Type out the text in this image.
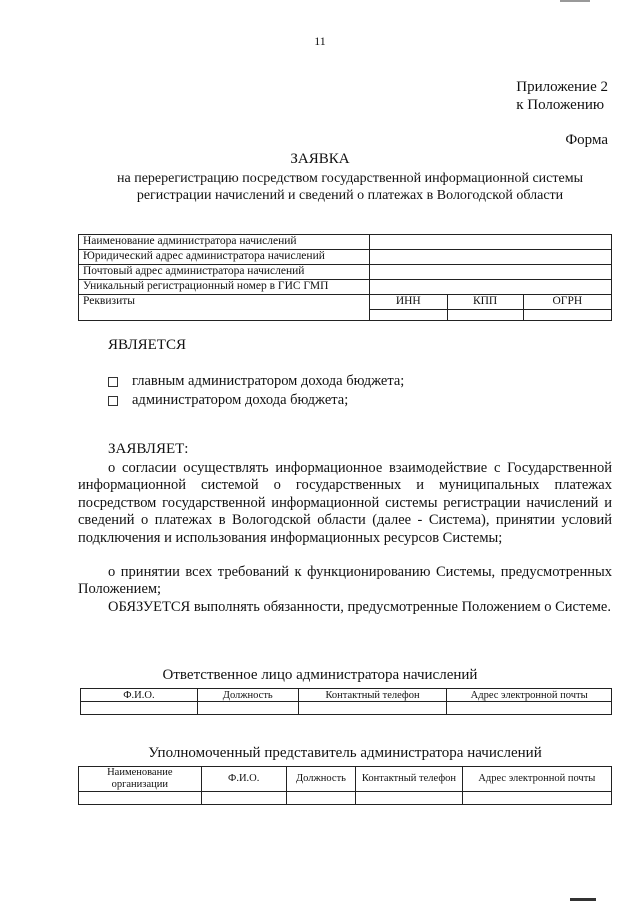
11
Приложение 2
к Положению
Форма
ЗАЯВКА
на перерегистрацию посредством государственной информационной системы
регистрации начислений и сведений о платежах в Вологодской области
Наименование администратора начислений			
Юридический адрес администратора начислений			
Почтовый адрес администратора начислений			
Уникальный регистрационный номер в ГИС ГМП			
Реквизиты	ИНН	КПП	ОГРН

ЯВЛЯЕТСЯ
главным администратором дохода бюджета;
администратором дохода бюджета;
ЗАЯВЛЯЕТ:
о согласии осуществлять информационное взаимодействие с Государственной информационной системой о государственных и муниципальных платежах посредством государственной информационной системы регистрации начислений и сведений о платежах в Вологодской области (далее - Система), принятии условий подключения и использования информационных ресурсов Системы;
о принятии всех требований к функционированию Системы, предусмотренных Положением;
ОБЯЗУЕТСЯ выполнять обязанности, предусмотренные Положением о Системе.
Ответственное лицо администратора начислений
Ф.И.О.	Должность	Контактный телефон	Адрес электронной почты

Уполномоченный представитель администратора начислений
Наименование организации	Ф.И.О.	Должность	Контактный телефон	Адрес электронной почты
